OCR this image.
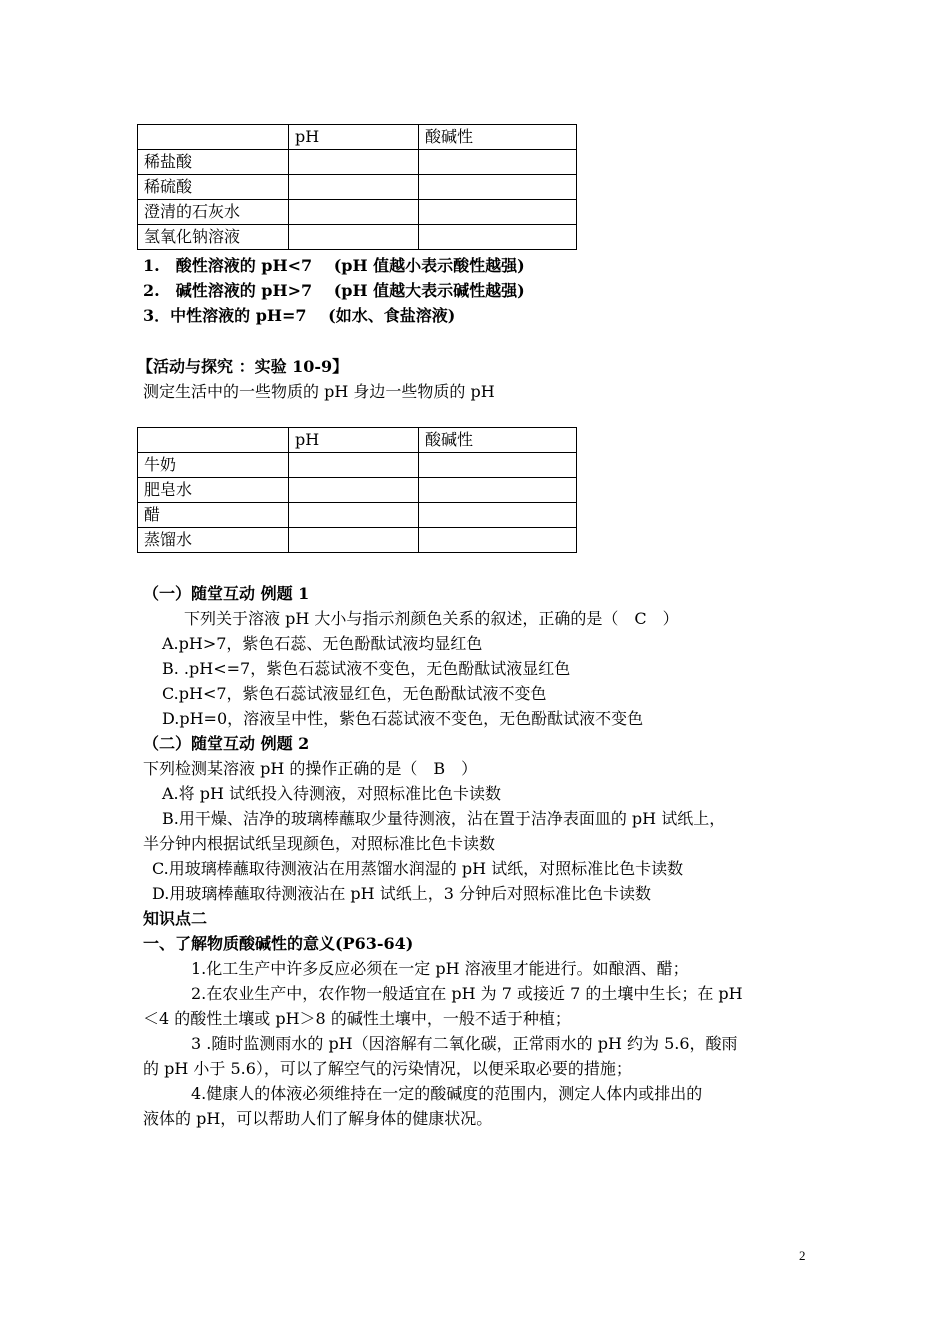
	pH	酸碱性
稀盐酸		
稀硫酸		
澄清的石灰水		
氢氧化钠溶液		
1.　酸性溶液的 pH<7　 (pH 值越小表示酸性越强)
2.　碱性溶液的 pH>7　 (pH 值越大表示碱性越强)
3．中性溶液的 pH=7　 (如水、食盐溶液)
【活动与探究 ：实验 10-9】
测定生活中的一些物质的 pH 身边一些物质的 pH
	pH	酸碱性
牛奶		
肥皂水		
醋		
蒸馏水		
（一）随堂互动 例题 1
下列关于溶液 pH 大小与指示剂颜色关系的叙述，正确的是（　C　）
A.pH>7，紫色石蕊、无色酚酞试液均显红色
B. .pH<=7，紫色石蕊试液不变色，无色酚酞试液显红色
C.pH<7，紫色石蕊试液显红色，无色酚酞试液不变色
D.pH=0，溶液呈中性，紫色石蕊试液不变色，无色酚酞试液不变色
（二）随堂互动 例题 2
下列检测某溶液 pH 的操作正确的是（　B　）
A.将 pH 试纸投入待测液，对照标准比色卡读数
B.用干燥、洁净的玻璃棒蘸取少量待测液，沾在置于洁净表面皿的 pH 试纸上，
半分钟内根据试纸呈现颜色，对照标准比色卡读数
C.用玻璃棒蘸取待测液沾在用蒸馏水润湿的 pH 试纸，对照标准比色卡读数
D.用玻璃棒蘸取待测液沾在 pH 试纸上，3 分钟后对照标准比色卡读数
知识点二
一、了解物质酸碱性的意义(P63-64)
1.化工生产中许多反应必须在一定 pH 溶液里才能进行。如酿酒、醋；
2.在农业生产中，农作物一般适宜在 pH 为 7 或接近 7 的土壤中生长；在 pH
＜4 的酸性土壤或 pH＞8 的碱性土壤中，一般不适于种植；
3 .随时监测雨水的 pH（因溶解有二氧化碳，正常雨水的 pH 约为 5.6，酸雨
的 pH 小于 5.6），可以了解空气的污染情况，以便采取必要的措施；
4.健康人的体液必须维持在一定的酸碱度的范围内，测定人体内或排出的
液体的 pH，可以帮助人们了解身体的健康状况。
2
